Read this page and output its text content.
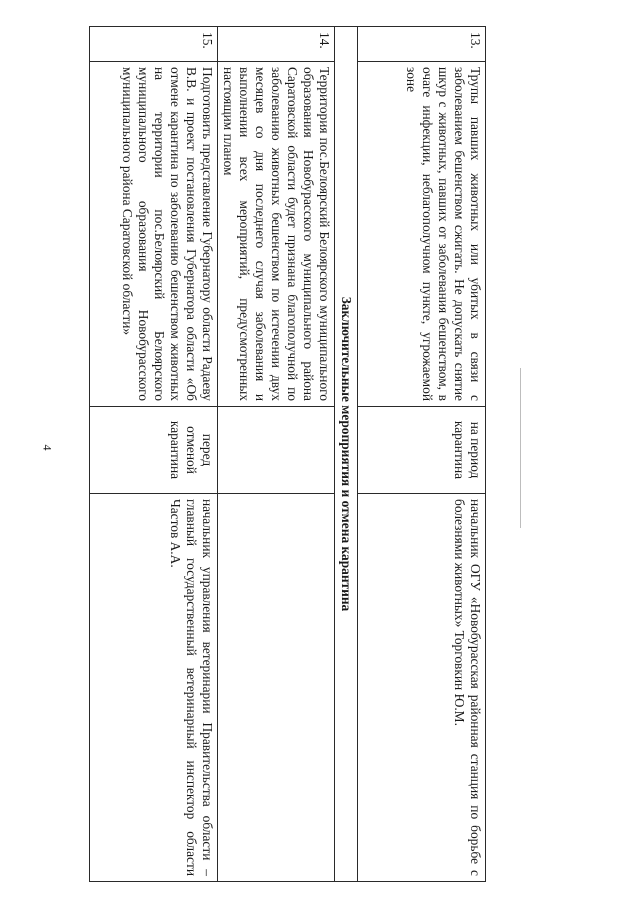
4
13.	Трупы павших животных или убитых в связи с заболеванием бешенством сжигать. Не допускать снятие шкур с животных, павших от заболевания бешенством, в очаге инфекции, неблагополучном пункте, угрожаемой зоне	на период карантина	начальник ОГУ «Новобурасская районная станция по борьбе с болезнями животных» Торговкин Ю.М.
Заключительные мероприятия и отмена карантина			
14.	Территория пос.Белоярский Белоярского муниципального образования Новобурасского муниципального района Саратовской области будет признана благополучной по заболеванию животных бешенством по истечении двух месяцев со дня последнего случая заболевания и выполнении всех мероприятий, предусмотренных настоящим планом		
15.	Подготовить представление Губернатору области Радаеву В.В. и проект постановления Губернатора области «Об отмене карантина по заболеванию бешенством животных на территории пос.Белоярский Белоярского муниципального образования Новобурасского муниципального района Саратовской области»	перед отменой карантина	начальник управления ветеринарии Правительства области – главный государственный ветеринарный инспектор области Частов А.А.
